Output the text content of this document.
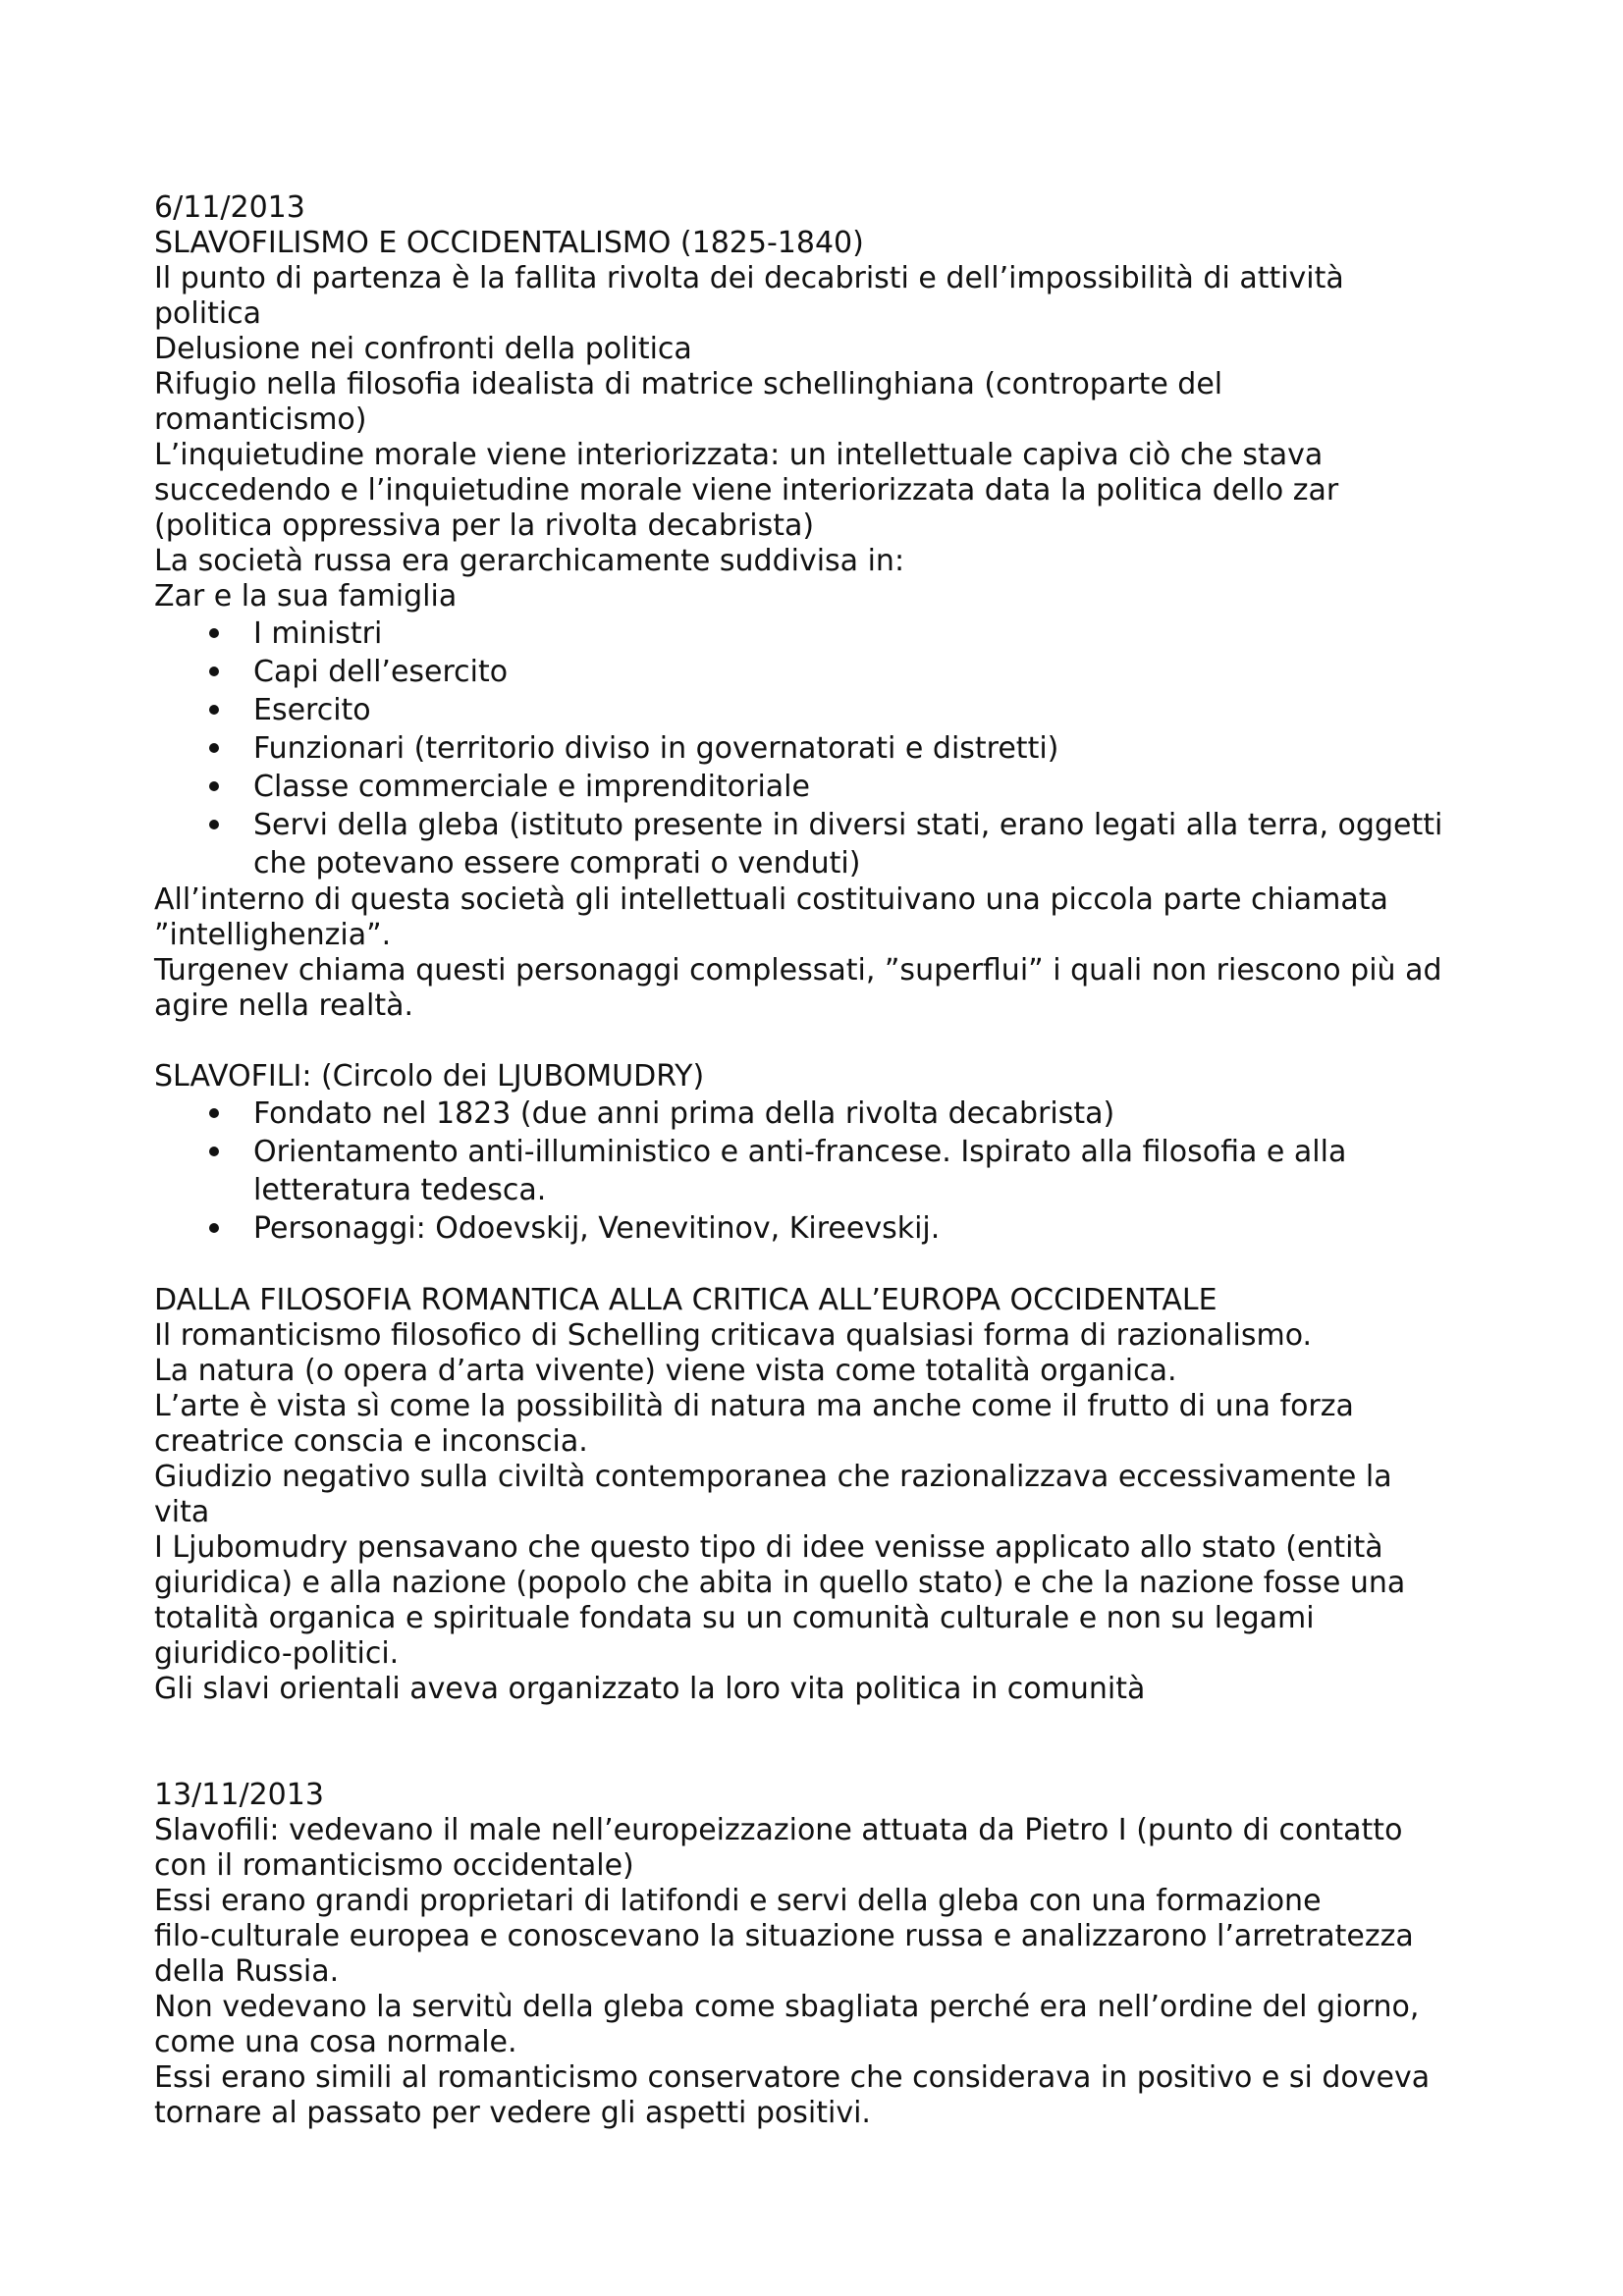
6/11/2013

SLAVOFILISMO E OCCIDENTALISMO (1825-1840)

Il punto di partenza è la fallita rivolta dei decabristi e dell’impossibilità di attività

politica

Delusione nei confronti della politica

Rifugio nella filosofia idealista di matrice schellinghiana (controparte del

romanticismo)

L’inquietudine morale viene interiorizzata: un intellettuale capiva ciò che stava

succedendo e l’inquietudine morale viene interiorizzata data la politica dello zar

(politica oppressiva per la rivolta decabrista)

La società russa era gerarchicamente suddivisa in:

Zar e la sua famiglia

I ministri
Capi dell’esercito
Esercito
Funzionari (territorio diviso in governatorati e distretti)
Classe commerciale e imprenditoriale
Servi della gleba (istituto presente in diversi stati, erano legati alla terra, oggetti
che potevano essere comprati o venduti)

All’interno di questa società gli intellettuali costituivano una piccola parte chiamata

”intellighenzia”.

Turgenev chiama questi personaggi complessati, ”superflui” i quali non riescono più ad

agire nella realtà.

SLAVOFILI: (Circolo dei LJUBOMUDRY)

Fondato nel 1823 (due anni prima della rivolta decabrista)
Orientamento anti-illuministico e anti-francese. Ispirato alla filosofia e alla
letteratura tedesca.
Personaggi: Odoevskij, Venevitinov, Kireevskij.

DALLA FILOSOFIA ROMANTICA ALLA CRITICA ALL’EUROPA OCCIDENTALE

Il romanticismo filosofico di Schelling criticava qualsiasi forma di razionalismo.

La natura (o opera d’arta vivente) viene vista come totalità organica.

L’arte è vista sì come la possibilità di natura ma anche come il frutto di una forza

creatrice conscia e inconscia.

Giudizio negativo sulla civiltà contemporanea che razionalizzava eccessivamente la

vita

I Ljubomudry pensavano che questo tipo di idee venisse applicato allo stato (entità

giuridica) e alla nazione (popolo che abita in quello stato) e che la nazione fosse una

totalità organica e spirituale fondata su un comunità culturale e non su legami

giuridico-politici.

Gli slavi orientali aveva organizzato la loro vita politica in comunità

13/11/2013

Slavofili: vedevano il male nell’europeizzazione attuata da Pietro I (punto di contatto

con il romanticismo occidentale)

Essi erano grandi proprietari di latifondi e servi della gleba con una formazione

filo-culturale europea e conoscevano la situazione russa e analizzarono l’arretratezza

della Russia.

Non vedevano la servitù della gleba come sbagliata perché era nell’ordine del giorno,

come una cosa normale.

Essi erano simili al romanticismo conservatore che considerava in positivo e si doveva

tornare al passato per vedere gli aspetti positivi.
